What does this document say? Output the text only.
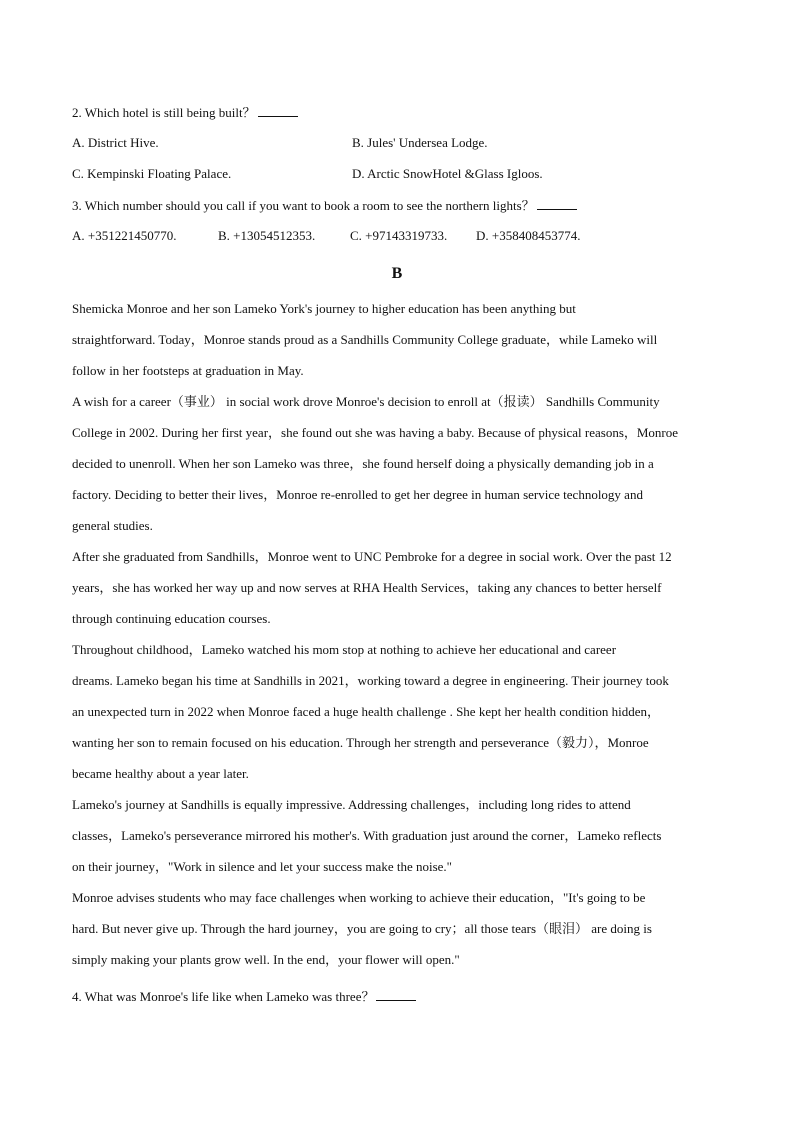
2. Which hotel is still being built？
A. District Hive.	B. Jules' Undersea Lodge.
C. Kempinski Floating Palace.	D. Arctic SnowHotel &Glass Igloos.
3. Which number should you call if you want to book a room to see the northern lights？
A. +351221450770.	B. +13054512353.	C. +97143319733. D. +358408453774.
B
Shemicka Monroe and her son Lameko York's journey to higher education has been anything but
straightforward. Today，Monroe stands proud as a Sandhills Community College graduate，while Lameko will
follow in her footsteps at graduation in May.
A wish for a career（事业） in social work drove Monroe's decision to enroll at（报读） Sandhills Community
College in 2002. During her first year，she found out she was having a baby. Because of physical reasons，Monroe
decided to unenroll. When her son Lameko was three，she found herself doing a physically demanding job in a
factory. Deciding to better their lives，Monroe re-enrolled to get her degree in human service technology and
general studies.
After she graduated from Sandhills，Monroe went to UNC Pembroke for a degree in social work. Over the past 12
years，she has worked her way up and now serves at RHA Health Services，taking any chances to better herself
through continuing education courses.
Throughout childhood，Lameko watched his mom stop at nothing to achieve her educational and career
dreams. Lameko began his time at Sandhills in 2021，working toward a degree in engineering. Their journey took
an unexpected turn in 2022 when Monroe faced a huge health challenge . She kept her health condition hidden，
wanting her son to remain focused on his education. Through her strength and perseverance（毅力），Monroe
became healthy about a year later.
Lameko's journey at Sandhills is equally impressive. Addressing challenges，including long rides to attend
classes，Lameko's perseverance mirrored his mother's. With graduation just around the corner，Lameko reflects
on their journey，"Work in silence and let your success make the noise."
Monroe advises students who may face challenges when working to achieve their education，"It's going to be
hard. But never give up. Through the hard journey，you are going to cry；all those tears（眼泪） are doing is
simply making your plants grow well. In the end，your flower will open."
4. What was Monroe's life like when Lameko was three？
